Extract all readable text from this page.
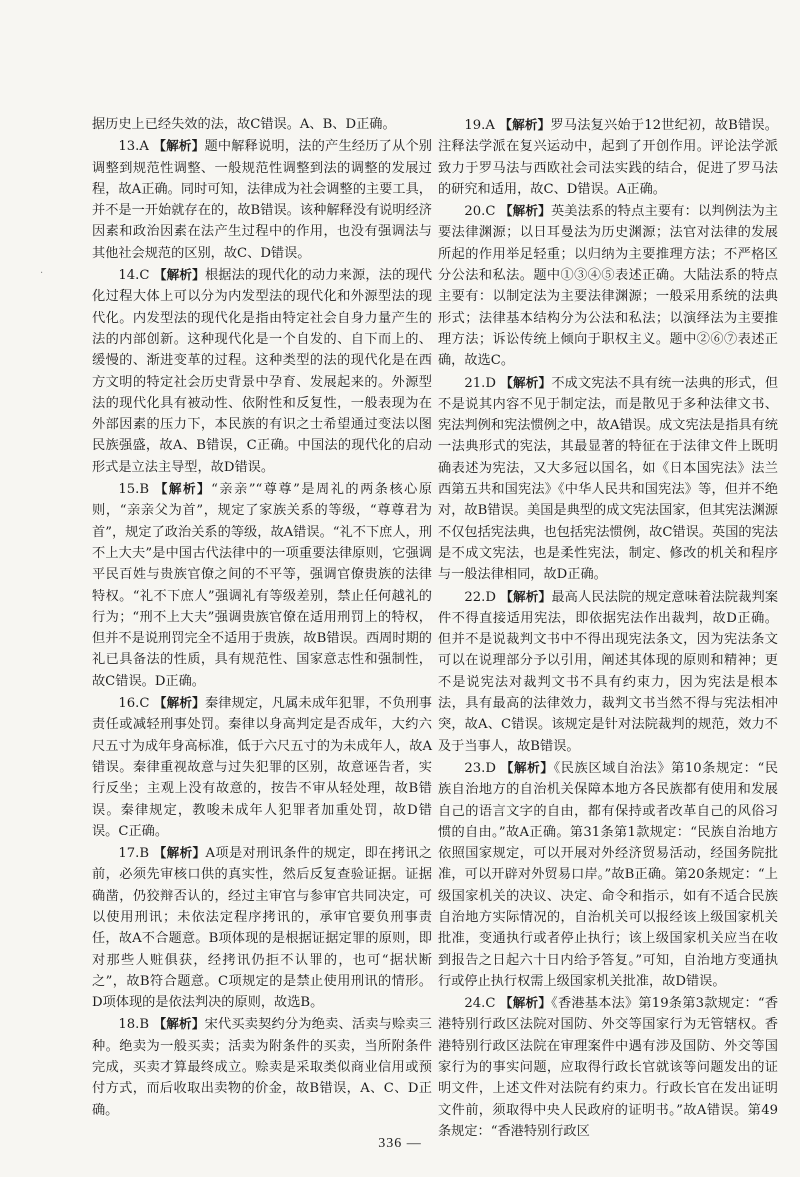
·

据历史上已经失效的法，故C错误。A、B、D正确。

13.A 【解析】题中解释说明，法的产生经历了从个别调整到规范性调整、一般规范性调整到法的调整的发展过程，故A正确。同时可知，法律成为社会调整的主要工具，并不是一开始就存在的，故B错误。该种解释没有说明经济因素和政治因素在法产生过程中的作用，也没有强调法与其他社会规范的区别，故C、D错误。

14.C 【解析】根据法的现代化的动力来源，法的现代化过程大体上可以分为内发型法的现代化和外源型法的现代化。内发型法的现代化是指由特定社会自身力量产生的法的内部创新。这种现代化是一个自发的、自下而上的、缓慢的、渐进变革的过程。这种类型的法的现代化是在西方文明的特定社会历史背景中孕育、发展起来的。外源型法的现代化具有被动性、依附性和反复性，一般表现为在外部因素的压力下，本民族的有识之士希望通过变法以图民族强盛，故A、B错误，C正确。中国法的现代化的启动形式是立法主导型，故D错误。

15.B 【解析】“亲亲”“尊尊”是周礼的两条核心原则，“亲亲父为首”，规定了家族关系的等级，“尊尊君为首”，规定了政治关系的等级，故A错误。“礼不下庶人，刑不上大夫”是中国古代法律中的一项重要法律原则，它强调平民百姓与贵族官僚之间的不平等，强调官僚贵族的法律特权。“礼不下庶人”强调礼有等级差别，禁止任何越礼的行为；“刑不上大夫”强调贵族官僚在适用刑罚上的特权，但并不是说刑罚完全不适用于贵族，故B错误。西周时期的礼已具备法的性质，具有规范性、国家意志性和强制性，故C错误。D正确。

16.C 【解析】秦律规定，凡属未成年犯罪，不负刑事责任或减轻刑事处罚。秦律以身高判定是否成年，大约六尺五寸为成年身高标准，低于六尺五寸的为未成年人，故A错误。秦律重视故意与过失犯罪的区别，故意诬告者，实行反坐；主观上没有故意的，按告不审从轻处理，故B错误。秦律规定，教唆未成年人犯罪者加重处罚，故D错误。C正确。

17.B 【解析】A项是对刑讯条件的规定，即在拷讯之前，必须先审核口供的真实性，然后反复查验证据。证据确凿，仍狡辩否认的，经过主审官与参审官共同决定，可以使用刑讯；未依法定程序拷讯的，承审官要负刑事责任，故A不合题意。B项体现的是根据证据定罪的原则，即对那些人赃俱获，经拷讯仍拒不认罪的，也可“据状断之”，故B符合题意。C项规定的是禁止使用刑讯的情形。D项体现的是依法判决的原则，故选B。

18.B 【解析】宋代买卖契约分为绝卖、活卖与赊卖三种。绝卖为一般买卖；活卖为附条件的买卖，当所附条件完成，买卖才算最终成立。赊卖是采取类似商业信用或预付方式，而后收取出卖物的价金，故B错误，A、C、D正确。

19.A 【解析】罗马法复兴始于12世纪初，故B错误。注释法学派在复兴运动中，起到了开创作用。评论法学派致力于罗马法与西欧社会司法实践的结合，促进了罗马法的研究和适用，故C、D错误。A正确。

20.C 【解析】英美法系的特点主要有：以判例法为主要法律渊源；以日耳曼法为历史渊源；法官对法律的发展所起的作用举足轻重；以归纳为主要推理方法；不严格区分公法和私法。题中①③④⑤表述正确。大陆法系的特点主要有：以制定法为主要法律渊源；一般采用系统的法典形式；法律基本结构分为公法和私法；以演绎法为主要推理方法；诉讼传统上倾向于职权主义。题中②⑥⑦表述正确，故选C。

21.D 【解析】不成文宪法不具有统一法典的形式，但不是说其内容不见于制定法，而是散见于多种法律文书、宪法判例和宪法惯例之中，故A错误。成文宪法是指具有统一法典形式的宪法，其最显著的特征在于法律文件上既明确表述为宪法，又大多冠以国名，如《日本国宪法》法兰西第五共和国宪法》《中华人民共和国宪法》等，但并不绝对，故B错误。美国是典型的成文宪法国家，但其宪法渊源不仅包括宪法典，也包括宪法惯例，故C错误。英国的宪法是不成文宪法，也是柔性宪法，制定、修改的机关和程序与一般法律相同，故D正确。

22.D 【解析】最高人民法院的规定意味着法院裁判案件不得直接适用宪法，即依据宪法作出裁判，故D正确。但并不是说裁判文书中不得出现宪法条文，因为宪法条文可以在说理部分予以引用，阐述其体现的原则和精神；更不是说宪法对裁判文书不具有约束力，因为宪法是根本法，具有最高的法律效力，裁判文书当然不得与宪法相冲突，故A、C错误。该规定是针对法院裁判的规范，效力不及于当事人，故B错误。

23.D 【解析】《民族区域自治法》第10条规定：“民族自治地方的自治机关保障本地方各民族都有使用和发展自己的语言文字的自由，都有保持或者改革自己的风俗习惯的自由。”故A正确。第31条第1款规定：“民族自治地方依照国家规定，可以开展对外经济贸易活动，经国务院批准，可以开辟对外贸易口岸。”故B正确。第20条规定：“上级国家机关的决议、决定、命令和指示，如有不适合民族自治地方实际情况的，自治机关可以报经该上级国家机关批准，变通执行或者停止执行；该上级国家机关应当在收到报告之日起六十日内给予答复。”可知，自治地方变通执行或停止执行权需上级国家机关批准，故D错误。

24.C 【解析】《香港基本法》第19条第3款规定：“香港特别行政区法院对国防、外交等国家行为无管辖权。香港特别行政区法院在审理案件中遇有涉及国防、外交等国家行为的事实问题，应取得行政长官就该等问题发出的证明文件，上述文件对法院有约束力。行政长官在发出证明文件前，须取得中央人民政府的证明书。”故A错误。第49条规定：“香港特别行政区

336 —
